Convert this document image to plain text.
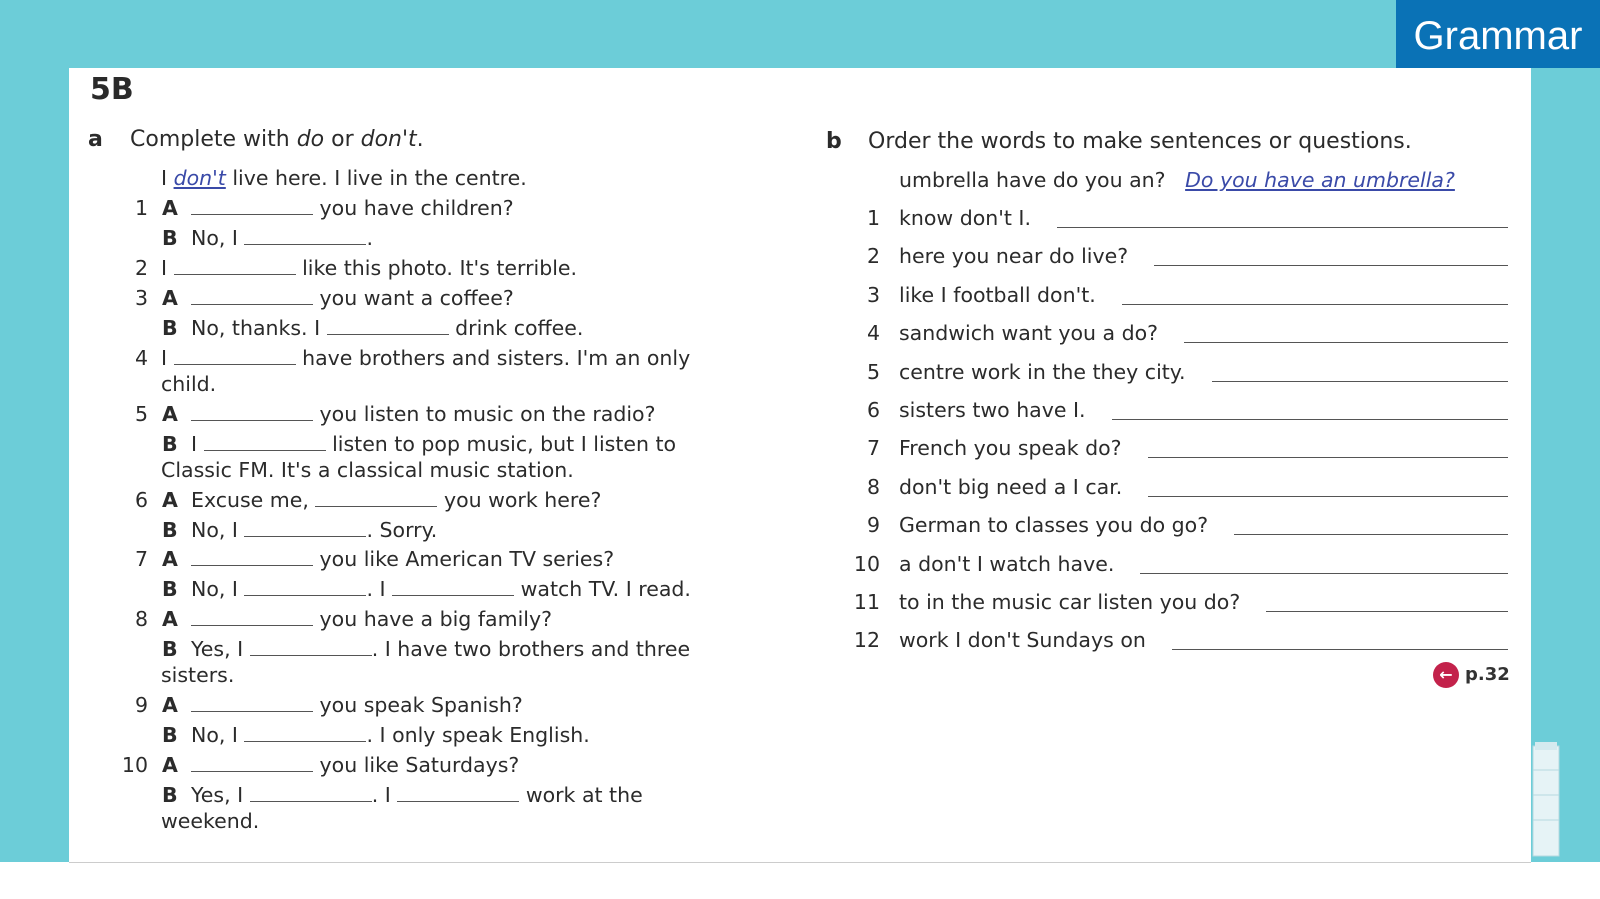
Grammar
5B
a Complete with do or don't.
I don't live here. I live in the centre.
1 A	you have children?
B No, I	.
2 I	like this photo. It's terrible.
3 A	you want a coffee?
B No, thanks. I	drink coffee.
4 I	have brothers and sisters. I'm an only
child.
5 A	you listen to music on the radio?
B I	listen to pop music, but I listen to
Classic FM. It's a classical music station.
6 A Excuse me,	you work here?
B No, I	. Sorry.
7 A	you like American TV series?
B No, I	. I	watch TV. I read.
8 A	you have a big family?
B Yes, I	. I have two brothers and three
sisters.
9 A	you speak Spanish?
B No, I	. I only speak English.
10 A	you like Saturdays?
B Yes, I	. I	work at the
weekend.
b Order the words to make sentences or questions.
umbrella have do you an? Do you have an umbrella?
1 know don't I.
2 here you near do live?
3 like I football don't.
4 sandwich want you a do?
5 centre work in the they city.
6 sisters two have I.
7 French you speak do?
8 don't big need a I car.
9 German to classes you do go?
10 a don't I watch have.
11 to in the music car listen you do?
12 work I don't Sundays on
← p.32
